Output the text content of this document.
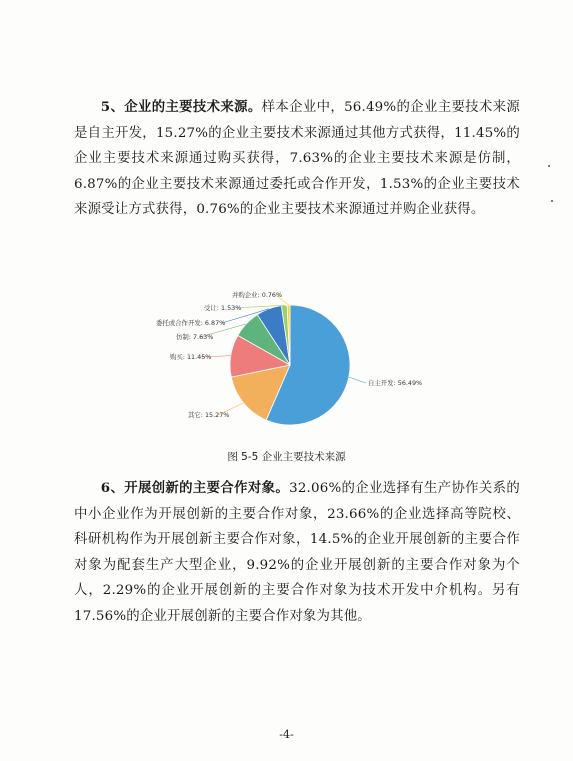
5、企业的主要技术来源。样本企业中，56.49%的企业主要技术来源是自主开发，15.27%的企业主要技术来源通过其他方式获得，11.45%的企业主要技术来源通过购买获得，7.63%的企业主要技术来源是仿制，6.87%的企业主要技术来源通过委托或合作开发，1.53%的企业主要技术来源受让方式获得，0.76%的企业主要技术来源通过并购企业获得。

自主开发: 56.49%
其它: 15.27%
购买: 11.45%
仿制: 7.63%
委托或合作开发: 6.87%
受让: 1.53%
并购企业: 0.76%
图 5-5 企业主要技术来源

6、开展创新的主要合作对象。32.06%的企业选择有生产协作关系的中小企业作为开展创新的主要合作对象，23.66%的企业选择高等院校、科研机构作为开展创新主要合作对象，14.5%的企业开展创新的主要合作对象为配套生产大型企业，9.92%的企业开展创新的主要合作对象为个人，2.29%的企业开展创新的主要合作对象为技术开发中介机构。另有 17.56%的企业开展创新的主要合作对象为其他。

-4-
